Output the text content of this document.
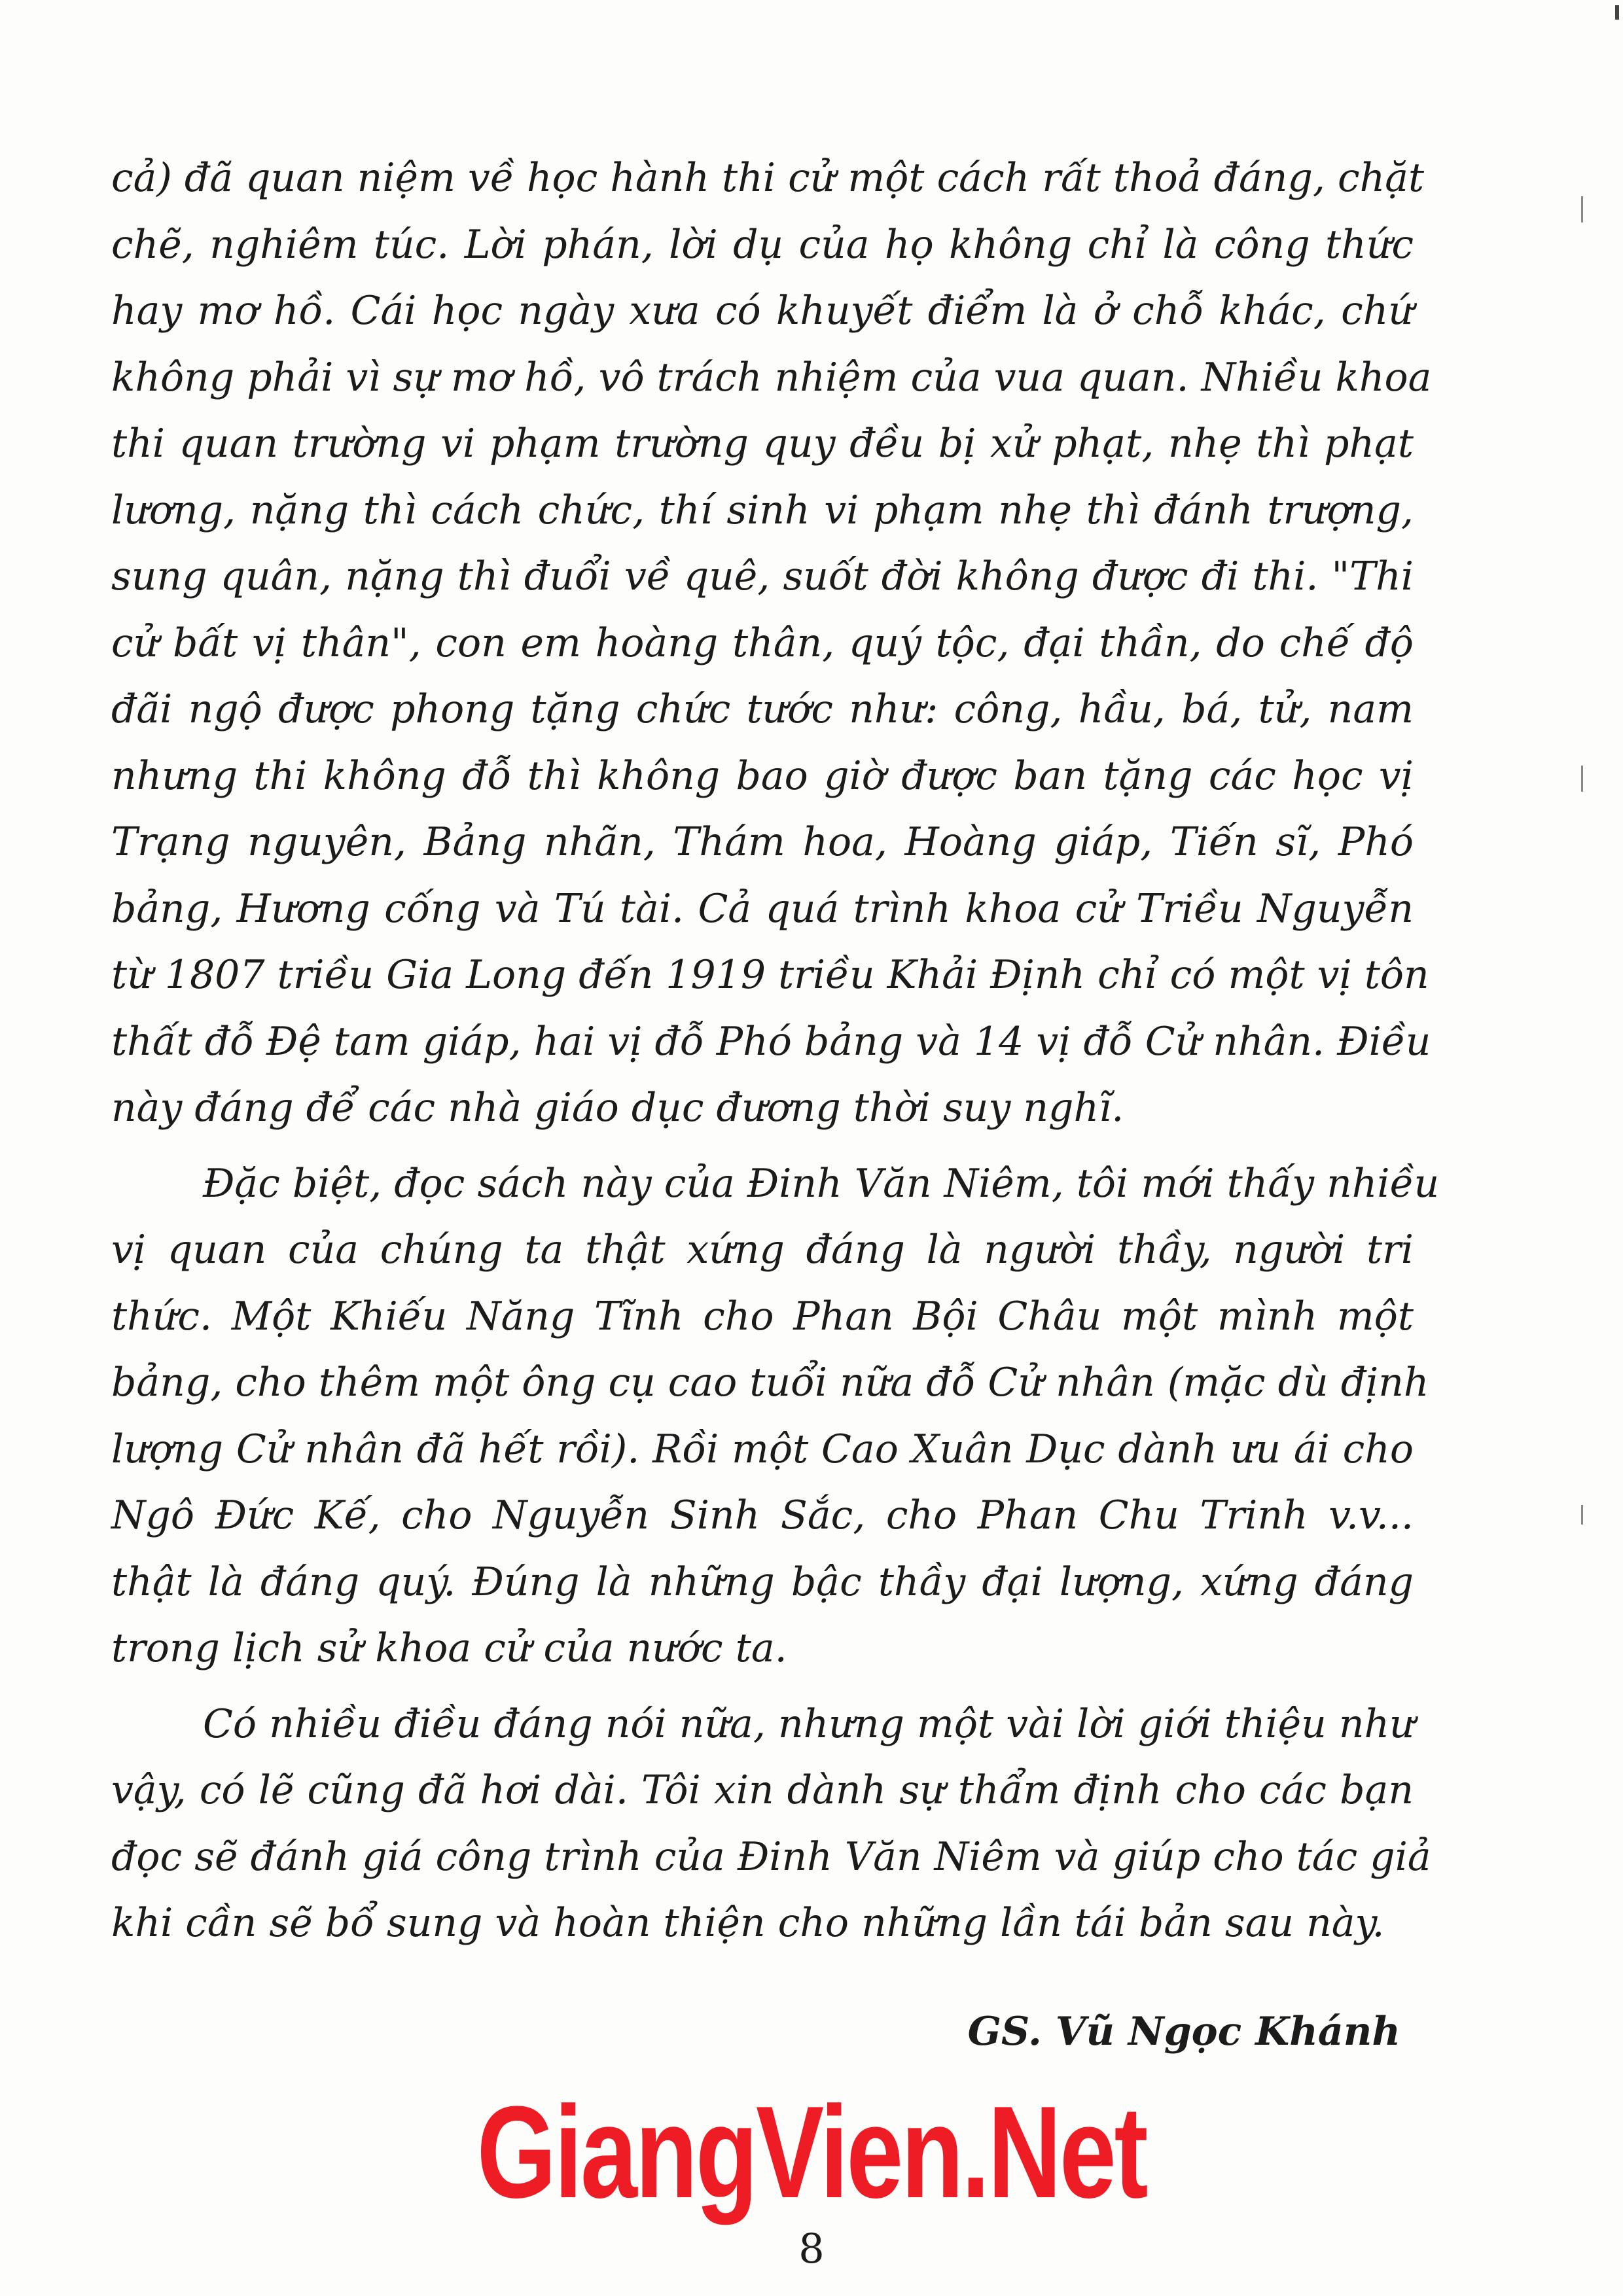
cả) đã quan niệm về học hành thi cử một cách rất thoả đáng, chặt
chẽ, nghiêm túc. Lời phán, lời dụ của họ không chỉ là công thức
hay mơ hồ. Cái học ngày xưa có khuyết điểm là ở chỗ khác, chứ
không phải vì sự mơ hồ, vô trách nhiệm của vua quan. Nhiều khoa
thi quan trường vi phạm trường quy đều bị xử phạt, nhẹ thì phạt
lương, nặng thì cách chức, thí sinh vi phạm nhẹ thì đánh trượng,
sung quân, nặng thì đuổi về quê, suốt đời không được đi thi. "Thi
cử bất vị thân", con em hoàng thân, quý tộc, đại thần, do chế độ
đãi ngộ được phong tặng chức tước như: công, hầu, bá, tử, nam
nhưng thi không đỗ thì không bao giờ được ban tặng các học vị
Trạng nguyên, Bảng nhãn, Thám hoa, Hoàng giáp, Tiến sĩ, Phó
bảng, Hương cống và Tú tài. Cả quá trình khoa cử Triều Nguyễn
từ 1807 triều Gia Long đến 1919 triều Khải Định chỉ có một vị tôn
thất đỗ Đệ tam giáp, hai vị đỗ Phó bảng và 14 vị đỗ Cử nhân. Điều
này đáng để các nhà giáo dục đương thời suy nghĩ.
Đặc biệt, đọc sách này của Đinh Văn Niêm, tôi mới thấy nhiều
vị quan của chúng ta thật xứng đáng là người thầy, người tri
thức. Một Khiếu Năng Tĩnh cho Phan Bội Châu một mình một
bảng, cho thêm một ông cụ cao tuổi nữa đỗ Cử nhân (mặc dù định
lượng Cử nhân đã hết rồi). Rồi một Cao Xuân Dục dành ưu ái cho
Ngô Đức Kế, cho Nguyễn Sinh Sắc, cho Phan Chu Trinh v.v...
thật là đáng quý. Đúng là những bậc thầy đại lượng, xứng đáng
trong lịch sử khoa cử của nước ta.
Có nhiều điều đáng nói nữa, nhưng một vài lời giới thiệu như
vậy, có lẽ cũng đã hơi dài. Tôi xin dành sự thẩm định cho các bạn
đọc sẽ đánh giá công trình của Đinh Văn Niêm và giúp cho tác giả
khi cần sẽ bổ sung và hoàn thiện cho những lần tái bản sau này.
GS. Vũ Ngọc Khánh
GiangVien.Net
8
